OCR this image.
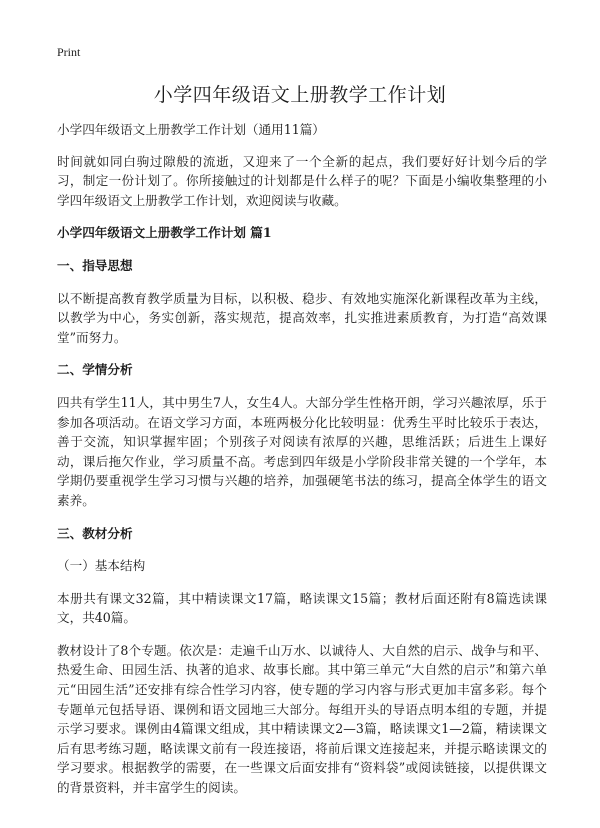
Print
小学四年级语文上册教学工作计划

小学四年级语文上册教学工作计划（通用11篇）

时间就如同白驹过隙般的流逝，又迎来了一个全新的起点，我们要好好计划今后的学习，制定一份计划了。你所接触过的计划都是什么样子的呢？下面是小编收集整理的小学四年级语文上册教学工作计划，欢迎阅读与收藏。

小学四年级语文上册教学工作计划 篇1
一、指导思想

以不断提高教育教学质量为目标，以积极、稳步、有效地实施深化新课程改革为主线，以教学为中心，务实创新，落实规范，提高效率，扎实推进素质教育，为打造“高效课堂”而努力。

二、学情分析

四共有学生11人，其中男生7人，女生4人。大部分学生性格开朗，学习兴趣浓厚，乐于参加各项活动。在语文学习方面，本班两极分化比较明显：优秀生平时比较乐于表达，善于交流，知识掌握牢固；个别孩子对阅读有浓厚的兴趣，思维活跃；后进生上课好动，课后拖欠作业，学习质量不高。考虑到四年级是小学阶段非常关键的一个学年，本学期仍要重视学生学习习惯与兴趣的培养，加强硬笔书法的练习，提高全体学生的语文素养。

三、教材分析

（一）基本结构

本册共有课文32篇，其中精读课文17篇，略读课文15篇；教材后面还附有8篇选读课文，共40篇。

教材设计了8个专题。依次是：走遍千山万水、以诚待人、大自然的启示、战争与和平、热爱生命、田园生活、执著的追求、故事长廊。其中第三单元“大自然的启示”和第六单元“田园生活”还安排有综合性学习内容，使专题的学习内容与形式更加丰富多彩。每个专题单元包括导语、课例和语文园地三大部分。每组开头的导语点明本组的专题，并提示学习要求。课例由4篇课文组成，其中精读课文2—3篇，略读课文1—2篇，精读课文后有思考练习题，略读课文前有一段连接语，将前后课文连接起来，并提示略读课文的学习要求。根据教学的需要，在一些课文后面安排有“资料袋”或阅读链接，以提供课文的背景资料，并丰富学生的阅读。
